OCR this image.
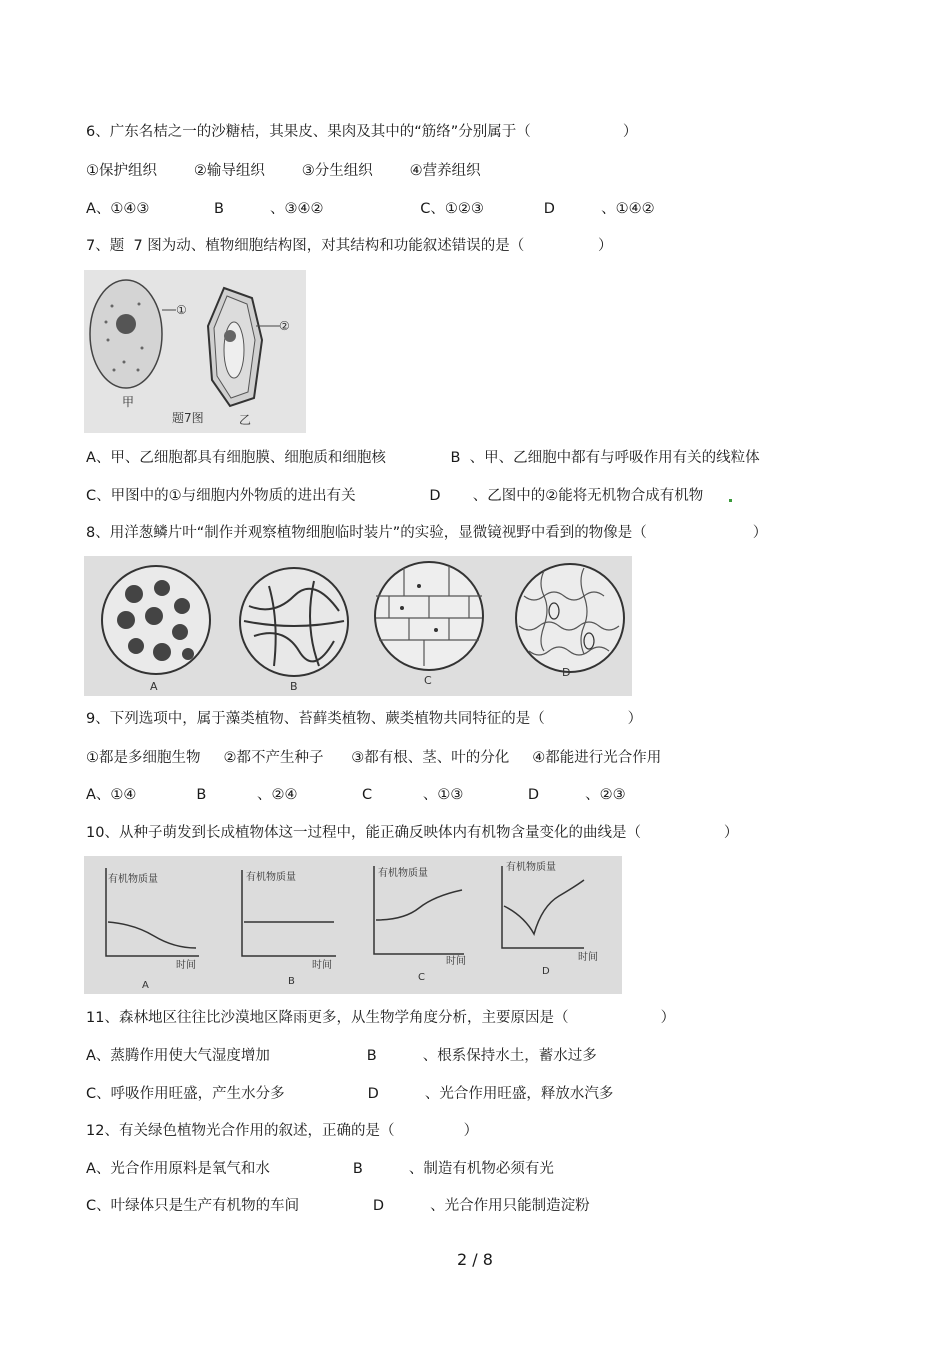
6、广东名桔之一的沙糖桔，其果皮、果肉及其中的“筋络”分别属于（                    ）
①保护组织        ②输导组织        ③分生组织        ④营养组织
A、①④③              B          、③④②                     C、①②③             D          、①④②
7、题  7 图为动、植物细胞结构图，对其结构和功能叙述错误的是（                ）
①
②
甲
题7图	乙
A、甲、乙细胞都具有细胞膜、细胞质和细胞核              B  、甲、乙细胞中都有与呼吸作用有关的线粒体
C、甲图中的①与细胞内外物质的进出有关                D       、乙图中的②能将无机物合成有机物
8、用洋葱鳞片叶“制作并观察植物细胞临时装片”的实验，显微镜视野中看到的物像是（                       ）
A	B	C
D
9、下列选项中，属于藻类植物、苔藓类植物、蕨类植物共同特征的是（                  ）
①都是多细胞生物     ②都不产生种子      ③都有根、茎、叶的分化     ④都能进行光合作用
A、①④             B           、②④              C           、①③              D          、②③
10、从种子萌发到长成植物体这一过程中，能正确反映体内有机物含量变化的曲线是（                  ）
有机物质量
时间
A
有机物质量
时间
B
有机物质量
时间
C
有机物质量
时间
D
11、森林地区往往比沙漠地区降雨更多，从生物学角度分析，主要原因是（                    ）
A、蒸腾作用使大气湿度增加                     B          、根系保持水土，蓄水过多
C、呼吸作用旺盛，产生水分多                  D          、光合作用旺盛，释放水汽多
12、有关绿色植物光合作用的叙述，正确的是（               ）
A、光合作用原料是氧气和水                  B          、制造有机物必须有光
C、叶绿体只是生产有机物的车间                D          、光合作用只能制造淀粉
2 / 8
